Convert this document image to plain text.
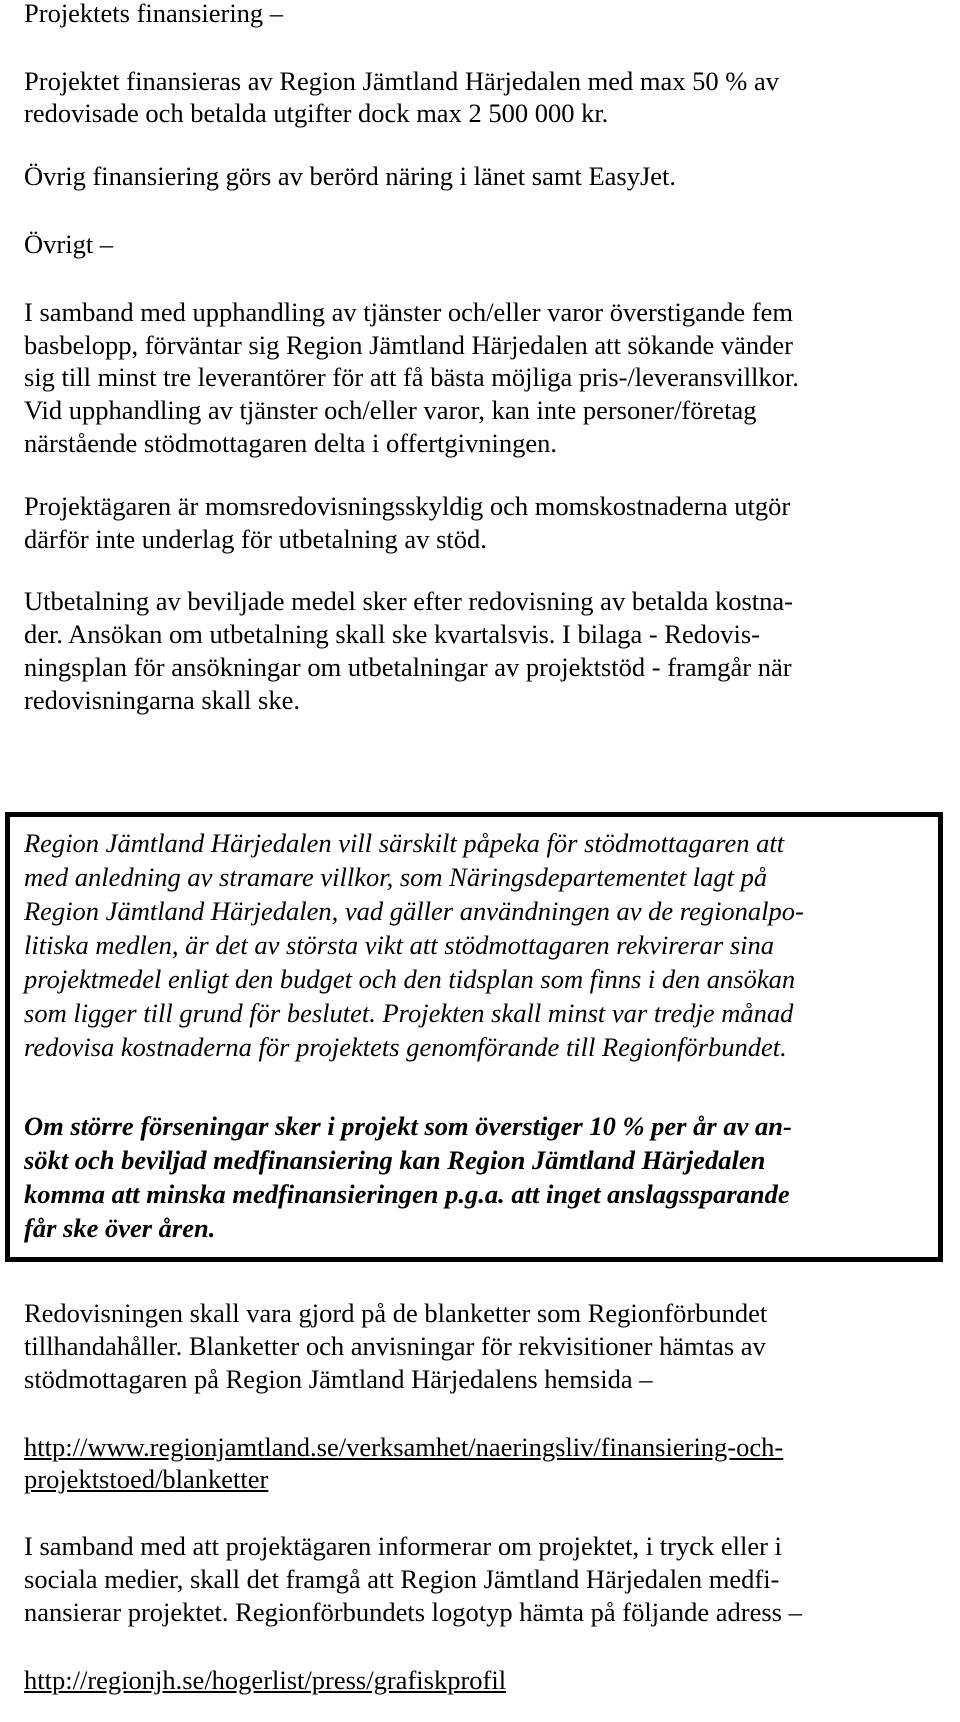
Projektets finansiering –

Projektet finansieras av Region Jämtland Härjedalen med max 50 % av

redovisade och betalda utgifter dock max 2 500 000 kr.

Övrig finansiering görs av berörd näring i länet samt EasyJet.

Övrigt –

I samband med upphandling av tjänster och/eller varor överstigande fem

basbelopp, förväntar sig Region Jämtland Härjedalen att sökande vänder

sig till minst tre leverantörer för att få bästa möjliga pris-/leveransvillkor.

Vid upphandling av tjänster och/eller varor, kan inte personer/företag

närstående stödmottagaren delta i offertgivningen.

Projektägaren är momsredovisningsskyldig och momskostnaderna utgör

därför inte underlag för utbetalning av stöd.

Utbetalning av beviljade medel sker efter redovisning av betalda kostna-

der. Ansökan om utbetalning skall ske kvartalsvis. I bilaga - Redovis-

ningsplan för ansökningar om utbetalningar av projektstöd - framgår när

redovisningarna skall ske.

Region Jämtland Härjedalen vill särskilt påpeka för stödmottagaren att

med anledning av stramare villkor, som Näringsdepartementet lagt på

Region Jämtland Härjedalen, vad gäller användningen av de regionalpo-

litiska medlen, är det av största vikt att stödmottagaren rekvirerar sina

projektmedel enligt den budget och den tidsplan som finns i den ansökan

som ligger till grund för beslutet. Projekten skall minst var tredje månad

redovisa kostnaderna för projektets genomförande till Regionförbundet.

Om större förseningar sker i projekt som överstiger 10 % per år av an-

sökt och beviljad medfinansiering kan Region Jämtland Härjedalen

komma att minska medfinansieringen p.g.a. att inget anslagssparande

får ske över åren.

Redovisningen skall vara gjord på de blanketter som Regionförbundet

tillhandahåller. Blanketter och anvisningar för rekvisitioner hämtas av

stödmottagaren på Region Jämtland Härjedalens hemsida –

http://www.regionjamtland.se/verksamhet/naeringsliv/finansiering-och-

projektstoed/blanketter

I samband med att projektägaren informerar om projektet, i tryck eller i

sociala medier, skall det framgå att Region Jämtland Härjedalen medfi-

nansierar projektet. Regionförbundets logotyp hämta på följande adress –

http://regionjh.se/hogerlist/press/grafiskprofil
